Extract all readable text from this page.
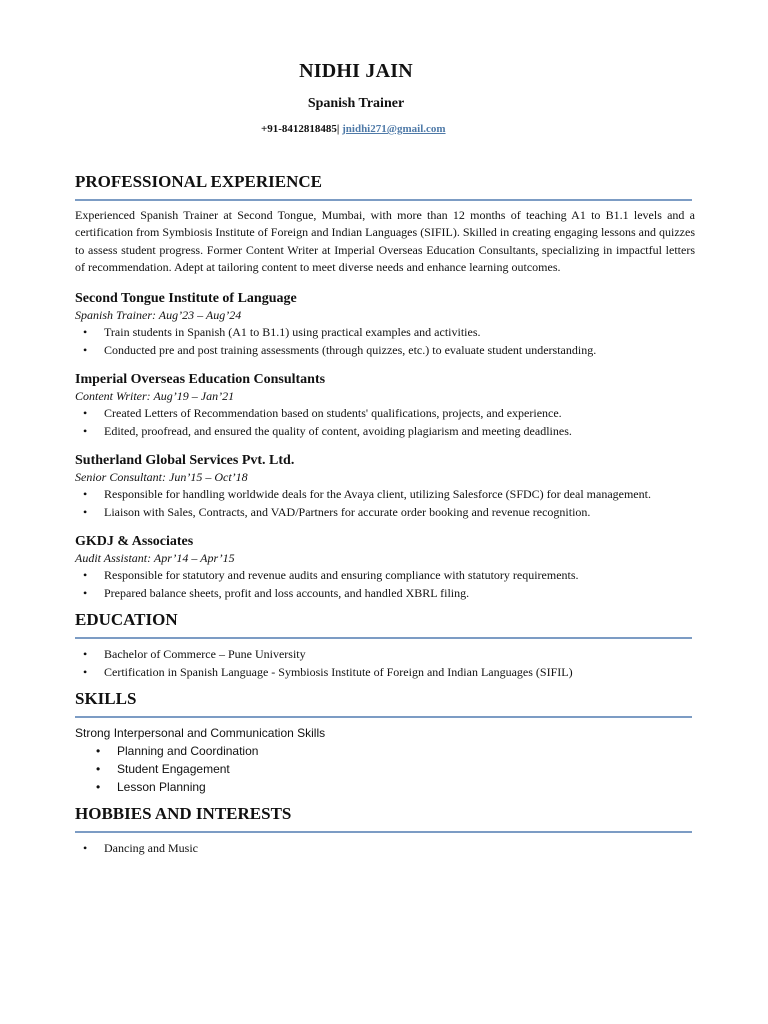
NIDHI JAIN
Spanish Trainer
+91-8412818485| jnidhi271@gmail.com
PROFESSIONAL EXPERIENCE

Experienced Spanish Trainer at Second Tongue, Mumbai, with more than 12 months of teaching A1 to B1.1 levels and a certification from Symbiosis Institute of Foreign and Indian Languages (SIFIL). Skilled in creating engaging lessons and quizzes to assess student progress. Former Content Writer at Imperial Overseas Education Consultants, specializing in impactful letters of recommendation. Adept at tailoring content to meet diverse needs and enhance learning outcomes.

Second Tongue Institute of Language
Spanish Trainer: Aug’23 – Aug’24
• Train students in Spanish (A1 to B1.1) using practical examples and activities.
• Conducted pre and post training assessments (through quizzes, etc.) to evaluate student understanding.
Imperial Overseas Education Consultants
Content Writer: Aug’19 – Jan’21
• Created Letters of Recommendation based on students' qualifications, projects, and experience.
• Edited, proofread, and ensured the quality of content, avoiding plagiarism and meeting deadlines.
Sutherland Global Services Pvt. Ltd.
Senior Consultant: Jun’15 – Oct’18
• Responsible for handling worldwide deals for the Avaya client, utilizing Salesforce (SFDC) for deal management.
• Liaison with Sales, Contracts, and VAD/Partners for accurate order booking and revenue recognition.
GKDJ & Associates
Audit Assistant: Apr’14 – Apr’15
• Responsible for statutory and revenue audits and ensuring compliance with statutory requirements.
• Prepared balance sheets, profit and loss accounts, and handled XBRL filing.
EDUCATION
• Bachelor of Commerce – Pune University
• Certification in Spanish Language - Symbiosis Institute of Foreign and Indian Languages (SIFIL)
SKILLS
Strong Interpersonal and Communication Skills
• Planning and Coordination
• Student Engagement
• Lesson Planning
HOBBIES AND INTERESTS
• Dancing and Music
